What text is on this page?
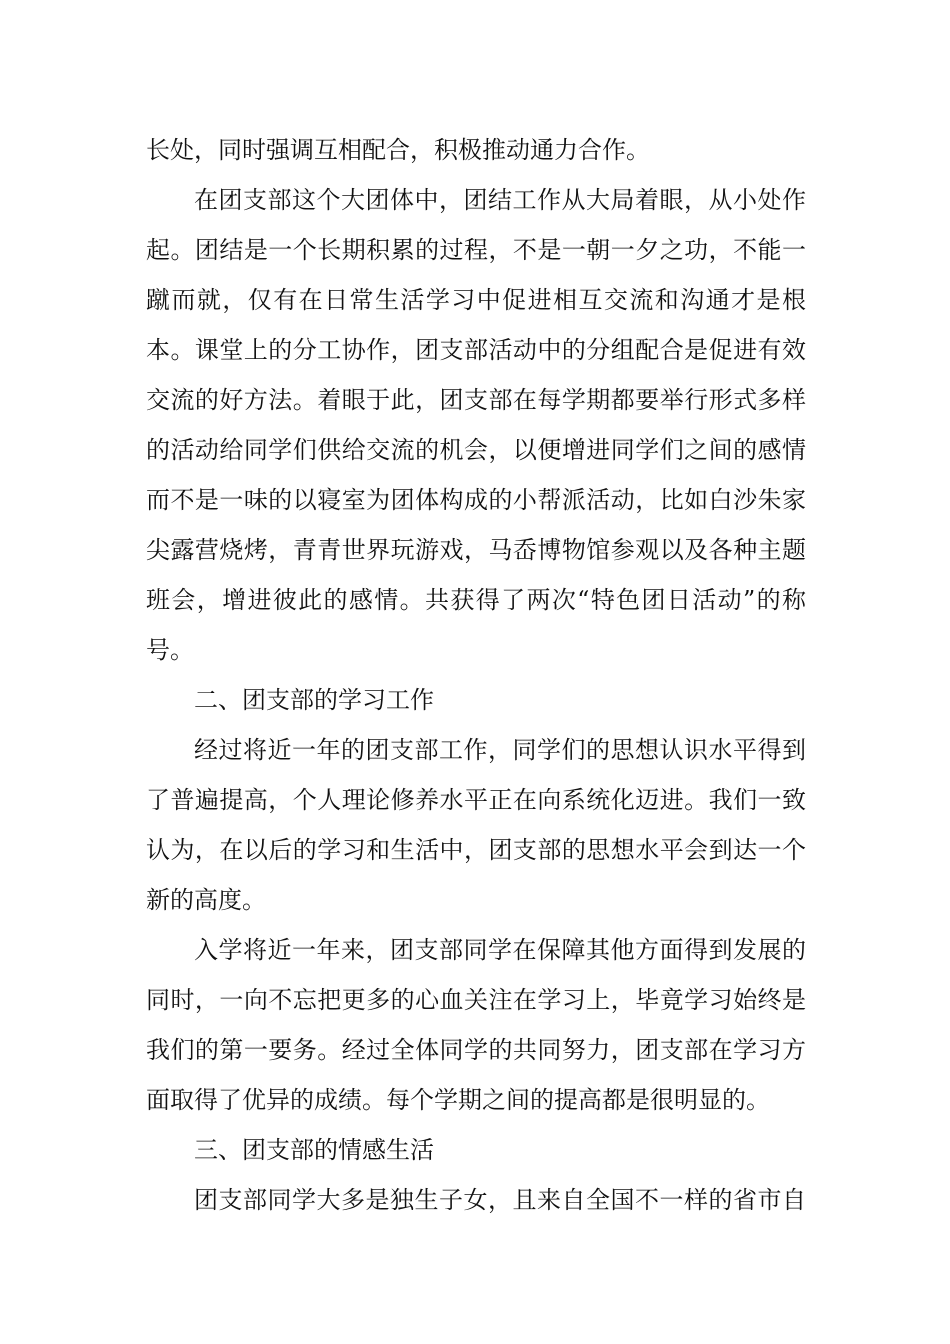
长处，同时强调互相配合，积极推动通力合作。
在团支部这个大团体中，团结工作从大局着眼，从小处作
起。团结是一个长期积累的过程，不是一朝一夕之功，不能一
蹴而就，仅有在日常生活学习中促进相互交流和沟通才是根
本。课堂上的分工协作，团支部活动中的分组配合是促进有效
交流的好方法。着眼于此，团支部在每学期都要举行形式多样
的活动给同学们供给交流的机会，以便增进同学们之间的感情
而不是一味的以寝室为团体构成的小帮派活动，比如白沙朱家
尖露营烧烤，青青世界玩游戏，马岙博物馆参观以及各种主题
班会，增进彼此的感情。共获得了两次“特色团日活动”的称
号。
二、团支部的学习工作
经过将近一年的团支部工作，同学们的思想认识水平得到
了普遍提高，个人理论修养水平正在向系统化迈进。我们一致
认为，在以后的学习和生活中，团支部的思想水平会到达一个
新的高度。
入学将近一年来，团支部同学在保障其他方面得到发展的
同时，一向不忘把更多的心血关注在学习上，毕竟学习始终是
我们的第一要务。经过全体同学的共同努力，团支部在学习方
面取得了优异的成绩。每个学期之间的提高都是很明显的。
三、团支部的情感生活
团支部同学大多是独生子女，且来自全国不一样的省市自
